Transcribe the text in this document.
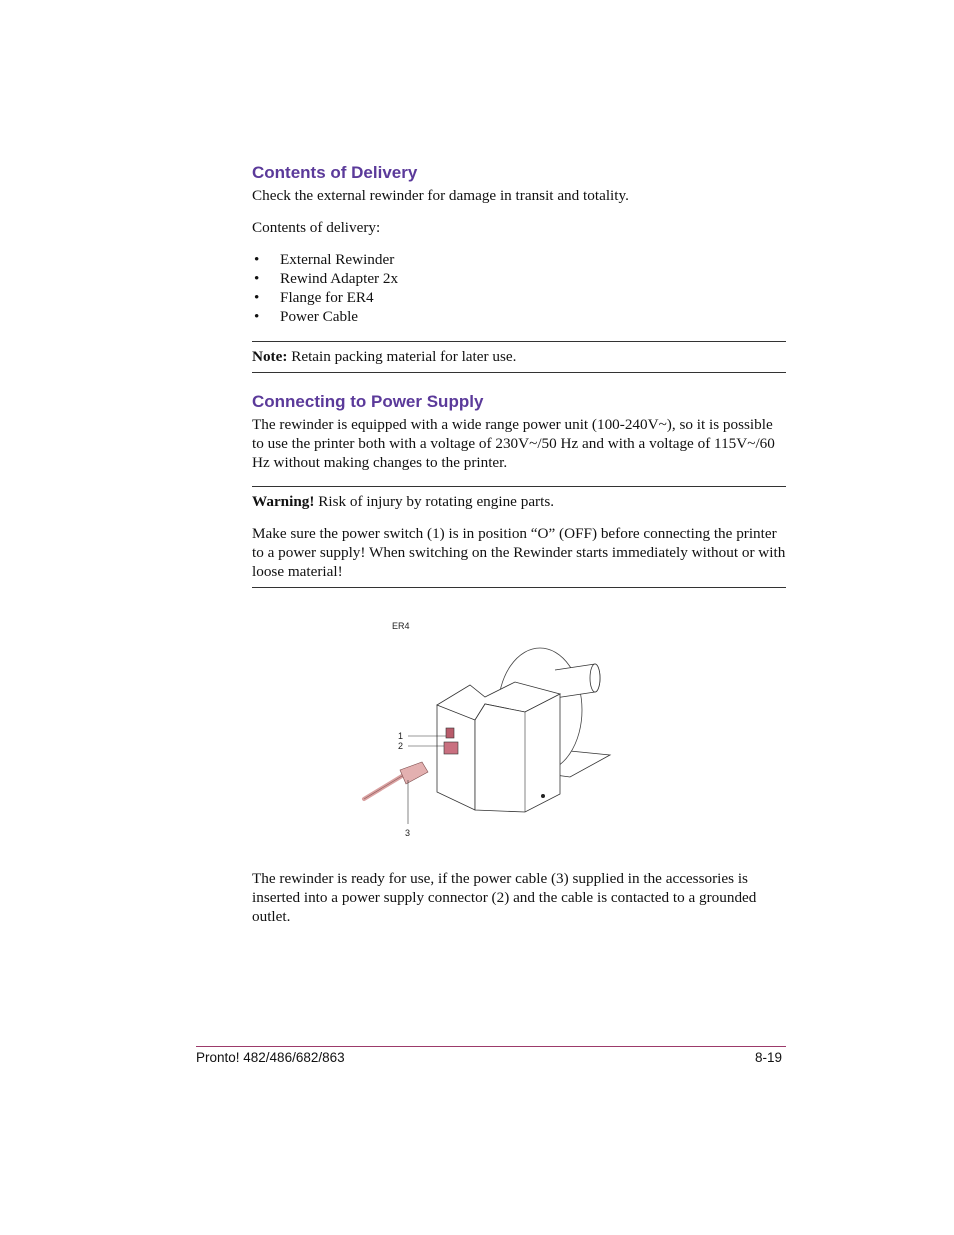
Contents of Delivery

Check the external rewinder for damage in transit and totality.

Contents of delivery:

• External Rewinder
• Rewind Adapter 2x
• Flange for ER4
• Power Cable

Note: Retain packing material for later use.

Connecting to Power Supply

The rewinder is equipped with a wide range power unit (100-240V~), so it is possible to use the printer both with a voltage of 230V~/50 Hz and with a voltage of 115V~/60 Hz without making changes to the printer.

Warning! Risk of injury by rotating engine parts.

Make sure the power switch (1) is in position “O” (OFF) before connecting the printer to a power supply! When switching on the Rewinder starts immediately without or with loose material!

ER4
1
2
3

The rewinder is ready for use, if the power cable (3) supplied in the accessories is inserted into a power supply connector (2) and the cable is contacted to a grounded outlet.

Pronto! 482/486/682/863	8-19
